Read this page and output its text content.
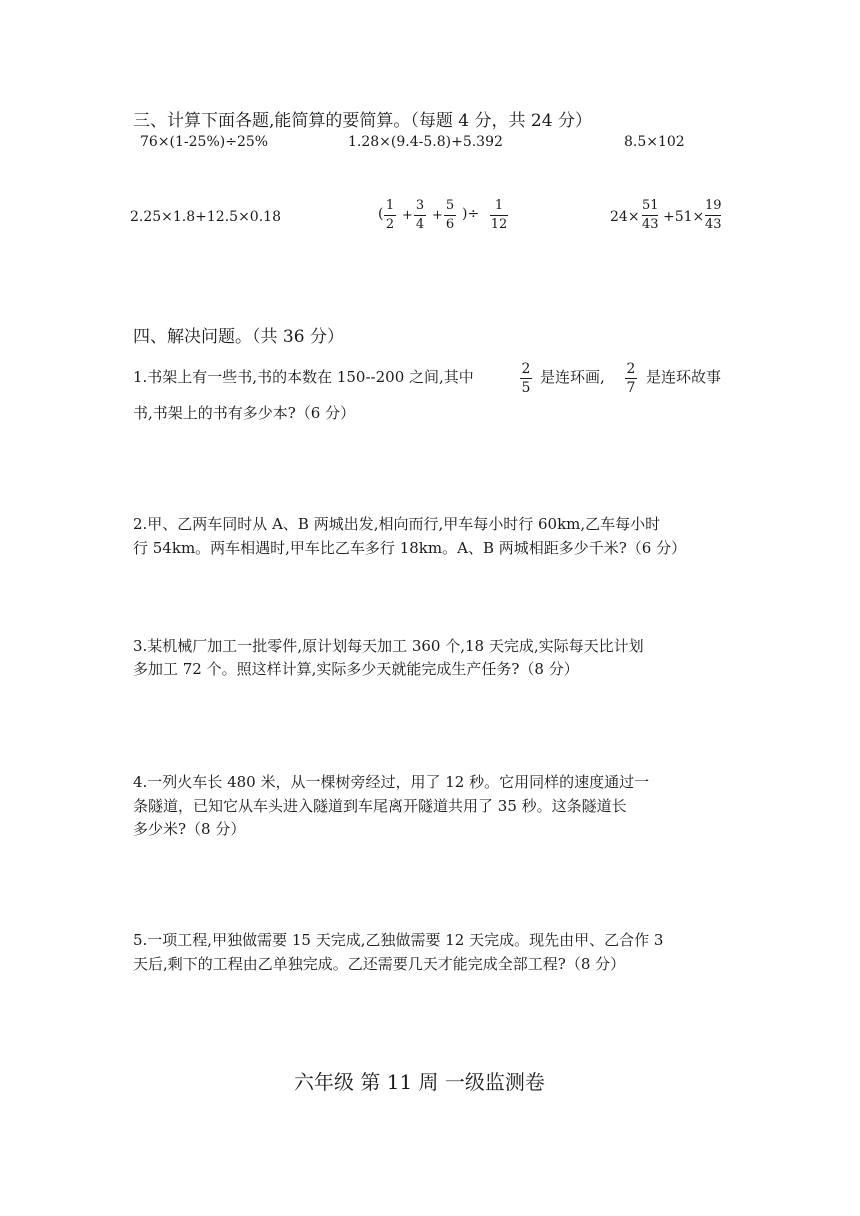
三、计算下面各题,能简算的要简算。（每题 4 分，共 24 分）
76×(1-25%)÷25%	1.28×(9.4-5.8)+5.392	8.5×102
2.25×1.8+12.5×0.18	(
1
2
+
3
4
+
5
6
)÷
1
12	24×
51
43 +51×
19
43
四、解决问题。（共 36 分）
1.书架上有一些书,书的本数在 150--200 之间,其中	2
5
是连环画, 2
7
是连环故事
书,书架上的书有多少本?（6 分）
2.甲、乙两车同时从 A、B 两城出发,相向而行,甲车每小时行 60km,乙车每小时
行 54km。两车相遇时,甲车比乙车多行 18km。A、B 两城相距多少千米?（6 分）
3.某机械厂加工一批零件,原计划每天加工 360 个,18 天完成,实际每天比计划
多加工 72 个。照这样计算,实际多少天就能完成生产任务?（8 分）
4.一列火车长 480 米，从一棵树旁经过，用了 12 秒。它用同样的速度通过一
条隧道，已知它从车头进入隧道到车尾离开隧道共用了 35 秒。这条隧道长
多少米?（8 分）
5.一项工程,甲独做需要 15 天完成,乙独做需要 12 天完成。现先由甲、乙合作 3
天后,剩下的工程由乙单独完成。乙还需要几天才能完成全部工程?（8 分）
六年级 第 11 周 一级监测卷
